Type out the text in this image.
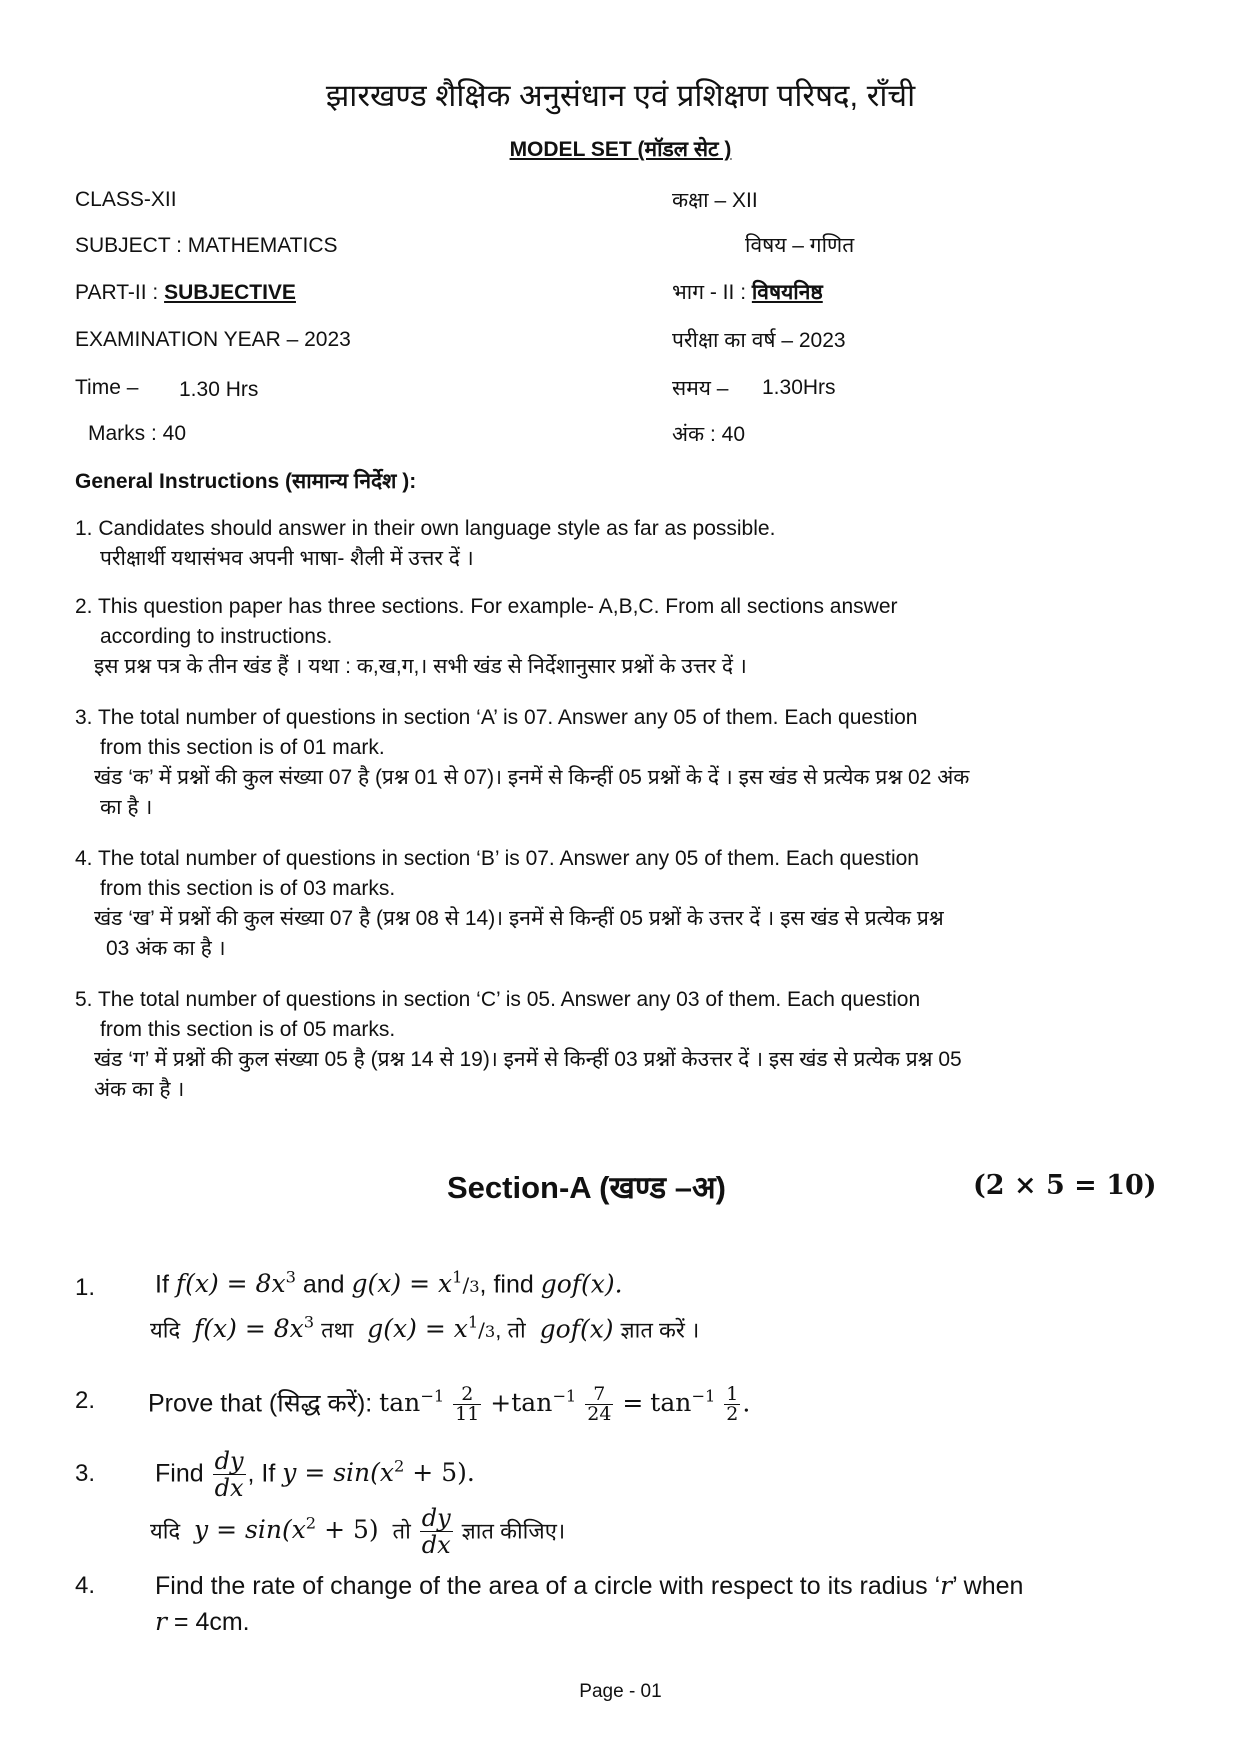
झारखण्ड शैक्षिक अनुसंधान एवं प्रशिक्षण परिषद, राँची
MODEL SET (मॉडल सेट )
CLASS-XII	कक्षा – XII
SUBJECT : MATHEMATICS	विषय – गणित
PART-II : SUBJECTIVE	भाग - II : विषयनिष्ठ
EXAMINATION YEAR – 2023	परीक्षा का वर्ष – 2023
Time – 1.30 Hrs	समय – 1.30Hrs
Marks : 40	अंक : 40
General Instructions (सामान्य निर्देश ):
1. Candidates should answer in their own language style as far as possible.
परीक्षार्थी यथासंभव अपनी भाषा- शैली में उत्तर दें ।
2. This question paper has three sections. For example- A,B,C. From all sections answer
according to instructions.
इस प्रश्न पत्र के तीन खंड हैं । यथा : क,ख,ग,। सभी खंड से निर्देशानुसार प्रश्नों के उत्तर दें ।
3. The total number of questions in section ‘A’ is 07. Answer any 05 of them. Each question
from this section is of 01 mark.
खंड ‘क’ में प्रश्नों की कुल संख्या 07 है (प्रश्न 01 से 07)। इनमें से किन्हीं 05 प्रश्नों के दें । इस खंड से प्रत्येक प्रश्न 02 अंक
का है ।
4. The total number of questions in section ‘B’ is 07. Answer any 05 of them. Each question
from this section is of 03 marks.
खंड ‘ख’ में प्रश्नों की कुल संख्या 07 है (प्रश्न 08 से 14)। इनमें से किन्हीं 05 प्रश्नों के उत्तर दें । इस खंड से प्रत्येक प्रश्न
03 अंक का है ।
5. The total number of questions in section ‘C’ is 05. Answer any 03 of them. Each question
from this section is of 05 marks.
खंड ‘ग’ में प्रश्नों की कुल संख्या 05 है (प्रश्न 14 से 19)। इनमें से किन्हीं 03 प्रश्नों केउत्तर दें । इस खंड से प्रत्येक प्रश्न 05
अंक का है ।
Section-A (खण्ड –अ)	(2 × 5 = 10)
1. If $f(x) = 8x^3$ and $g(x) = x^1/3$, find gof(x).
यदि $f(x) = 8x^3$ तथा $g(x) = x^1/3$, तो gof(x) ज्ञात करें ।
2. Prove that (सिद्ध करें): $\tan^{-1} \frac{2}{11} +\tan^{-1} \frac{7}{24} = \tan^{-1} \frac{1}{2}$ .
3. Find $\frac{dy}{dx}$ , If $y = \sin(x^2 + 5)$.
यदि $y = \sin(x^2 + 5)$ तो $\frac{dy}{dx}$ ज्ञात कीजिए।
4. Find the rate of change of the area of a circle with respect to its radius ‘r’ when
r = 4cm.
Page - 01
